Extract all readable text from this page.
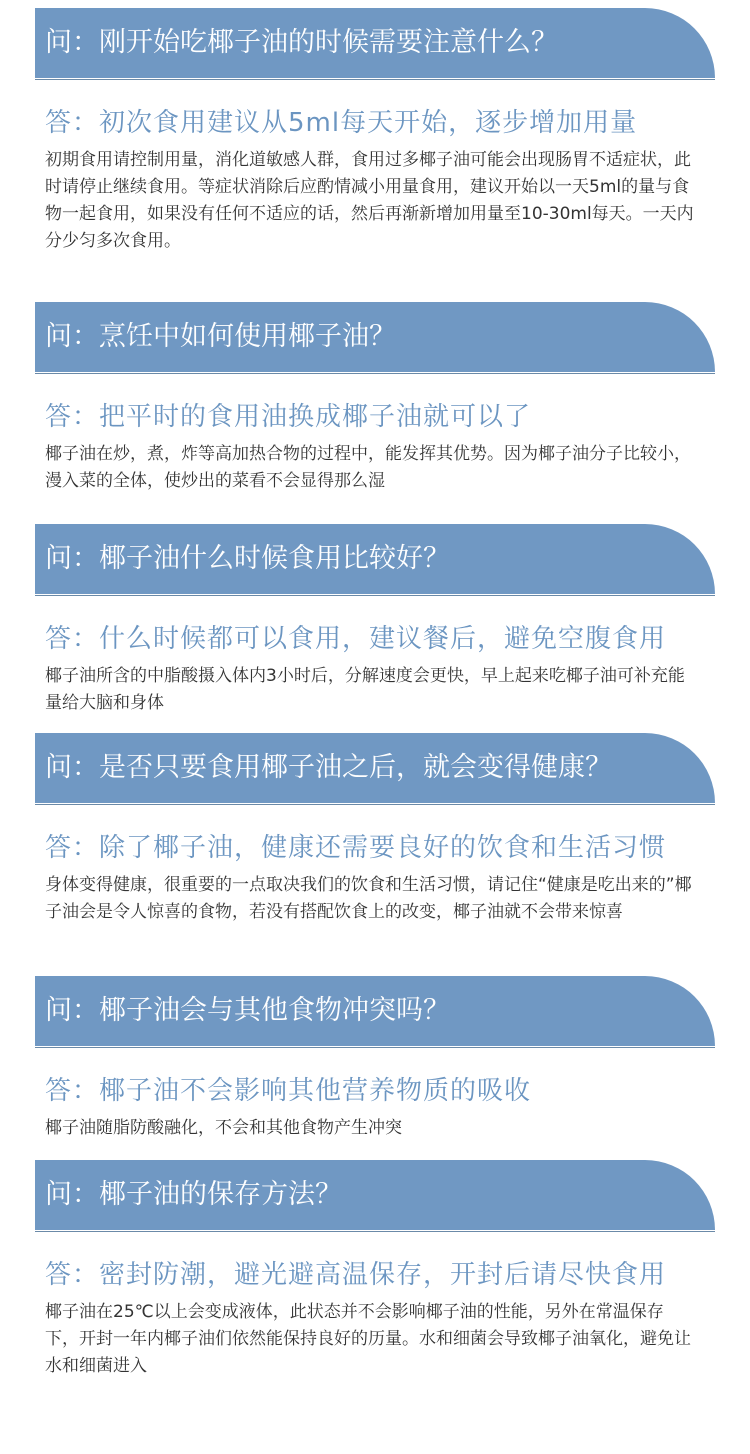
问：刚开始吃椰子油的时候需要注意什么？
答：初次食用建议从5ml每天开始，逐步增加用量
初期食用请控制用量，消化道敏感人群，食用过多椰子油可能会出现肠胃不适症状，此时请停止继续食用。等症状消除后应酌情减小用量食用，建议开始以一天5ml的量与食物一起食用，如果没有任何不适应的话，然后再渐新增加用量至10-30ml每天。一天内分少匀多次食用。
问：烹饪中如何使用椰子油？
答：把平时的食用油换成椰子油就可以了
椰子油在炒，煮，炸等高加热合物的过程中，能发挥其优势。因为椰子油分子比较小，漫入菜的全体，使炒出的菜看不会显得那么湿
问：椰子油什么时候食用比较好？
答：什么时候都可以食用，建议餐后，避免空腹食用
椰子油所含的中脂酸摄入体内3小时后，分解速度会更快，早上起来吃椰子油可补充能量给大脑和身体
问：是否只要食用椰子油之后，就会变得健康？
答：除了椰子油，健康还需要良好的饮食和生活习惯
身体变得健康，很重要的一点取决我们的饮食和生活习惯，请记住“健康是吃出来的”椰子油会是令人惊喜的食物，若没有搭配饮食上的改变，椰子油就不会带来惊喜
问：椰子油会与其他食物冲突吗？
答：椰子油不会影响其他营养物质的吸收
椰子油随脂防酸融化，不会和其他食物产生冲突
问：椰子油的保存方法？
答：密封防潮，避光避高温保存，开封后请尽快食用
椰子油在25℃以上会变成液体，此状态并不会影响椰子油的性能，另外在常温保存下，开封一年内椰子油们依然能保持良好的历量。水和细菌会导致椰子油氧化，避免让水和细菌进入
